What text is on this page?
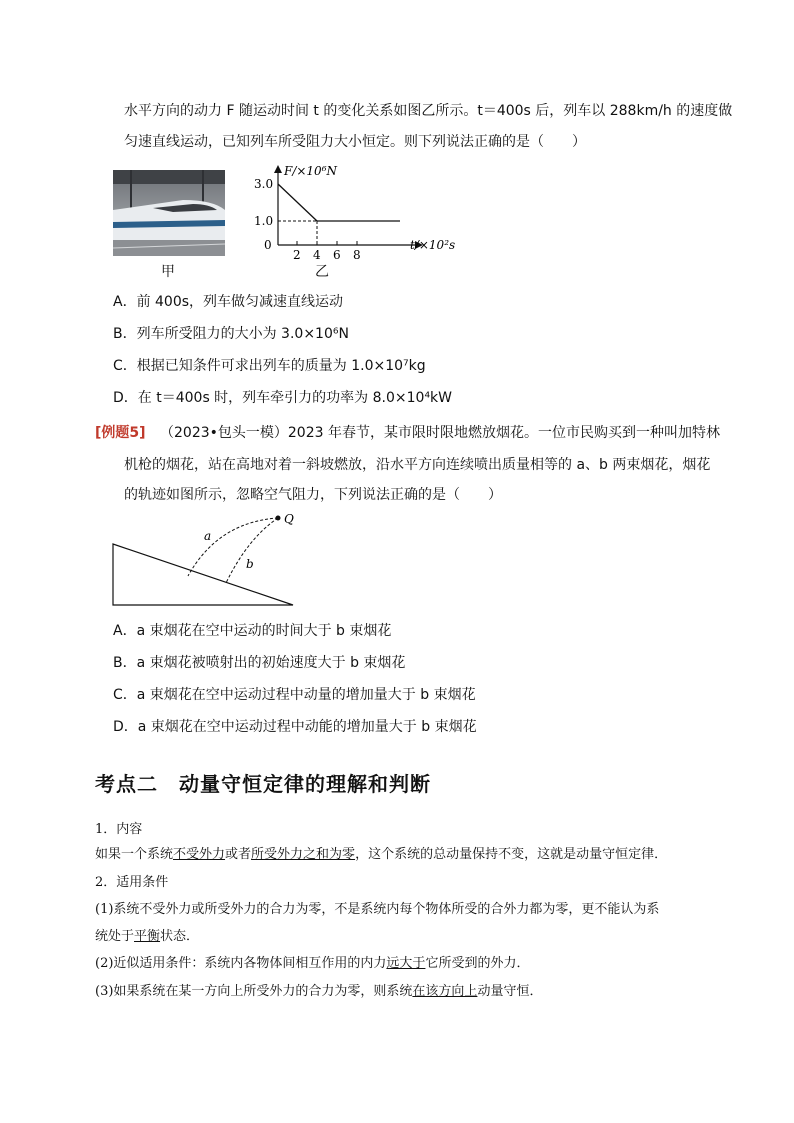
水平方向的动力 F 随运动时间 t 的变化关系如图乙所示。t＝400s 后，列车以 288km/h 的速度做
匀速直线运动，已知列车所受阻力大小恒定。则下列说法正确的是（　　）
甲
F/×10⁶N
3.0
1.0
0
2 4 6 8
t/×10²s
乙
A．前 400s，列车做匀减速直线运动
B．列车所受阻力的大小为 3.0×10⁶N
C．根据已知条件可求出列车的质量为 1.0×10⁷kg
D．在 t＝400s 时，列车牵引力的功率为 8.0×10⁴kW
[例题5] （2023•包头一模）2023 年春节，某市限时限地燃放烟花。一位市民购买到一种叫加特林
机枪的烟花，站在高地对着一斜坡燃放，沿水平方向连续喷出质量相等的 a、b 两束烟花，烟花
的轨迹如图所示，忽略空气阻力，下列说法正确的是（　　）
Q
a
b
A．a 束烟花在空中运动的时间大于 b 束烟花
B．a 束烟花被喷射出的初始速度大于 b 束烟花
C．a 束烟花在空中运动过程中动量的增加量大于 b 束烟花
D．a 束烟花在空中运动过程中动能的增加量大于 b 束烟花
考点二　动量守恒定律的理解和判断
1．内容
如果一个系统不受外力或者所受外力之和为零，这个系统的总动量保持不变，这就是动量守恒定律．
2．适用条件
(1)系统不受外力或所受外力的合力为零，不是系统内每个物体所受的合外力都为零，更不能认为系
统处于平衡状态．
(2)近似适用条件：系统内各物体间相互作用的内力远大于它所受到的外力．
(3)如果系统在某一方向上所受外力的合力为零，则系统在该方向上动量守恒．
